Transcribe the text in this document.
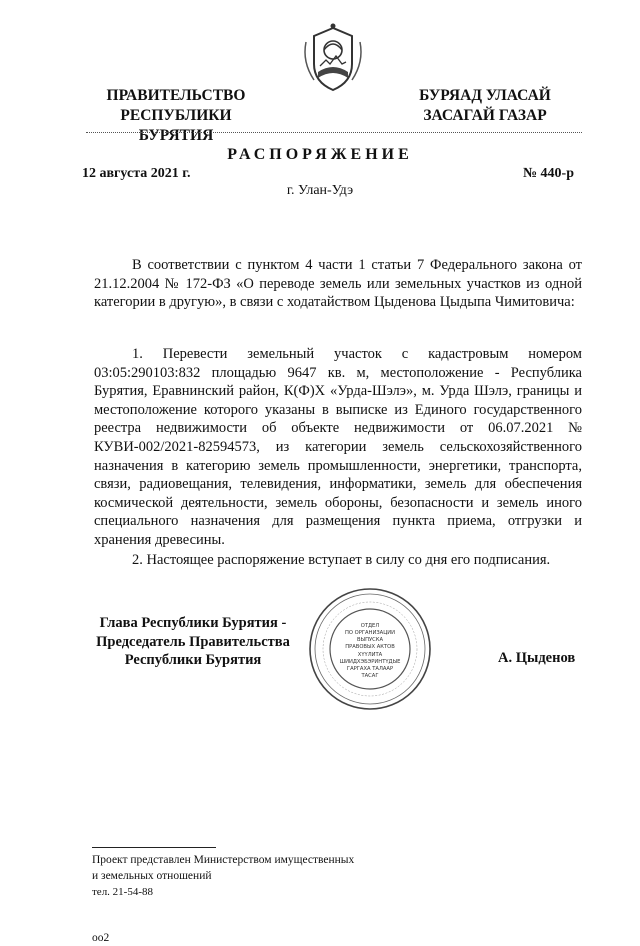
ПРАВИТЕЛЬСТВО
РЕСПУБЛИКИ БУРЯТИЯ
БУРЯАД УЛАСАЙ
ЗАСАГАЙ ГАЗАР
РАСПОРЯЖЕНИЕ
12 августа 2021 г.	№ 440-р
г. Улан-Удэ

В соответствии с пунктом 4 части 1 статьи 7 Федерального закона от 21.12.2004 № 172-ФЗ «О переводе земель или земельных участков из одной категории в другую», в связи с ходатайством Цыденова Цыдыпа Чимитовича:

1. Перевести земельный участок с кадастровым номером 03:05:290103:832 площадью 9647 кв. м, местоположение - Республика Бурятия, Еравнинский район, К(Ф)Х «Урда-Шэлэ», м. Урда Шэлэ, границы и местоположение которого указаны в выписке из Единого государственного реестра недвижимости об объекте недвижимости от 06.07.2021 № КУВИ-002/2021-82594573, из категории земель сельскохозяйственного назначения в категорию земель промышленности, энергетики, транспорта, связи, радиовещания, телевидения, информатики, земель для обеспечения космической деятельности, земель обороны, безопасности и земель иного специального назначения для размещения пункта приема, отгрузки и хранения древесины.

2. Настоящее распоряжение вступает в силу со дня его подписания.

Глава Республики Бурятия -
Председатель Правительства
Республики Бурятия	А. Цыденов
ОТДЕЛ
ПО ОРГАНИЗАЦИИ
ВЫПУСКА
ПРАВОВЫХ АКТОВ
ХҮҮЛИТА
ШИИДХЭБЭРИНТҮДЫЕ
ГАРГАХА ТАЛААР
ТАСАГ
Проект представлен Министерством имущественных
и земельных отношений
тел. 21-54-88
оо2
